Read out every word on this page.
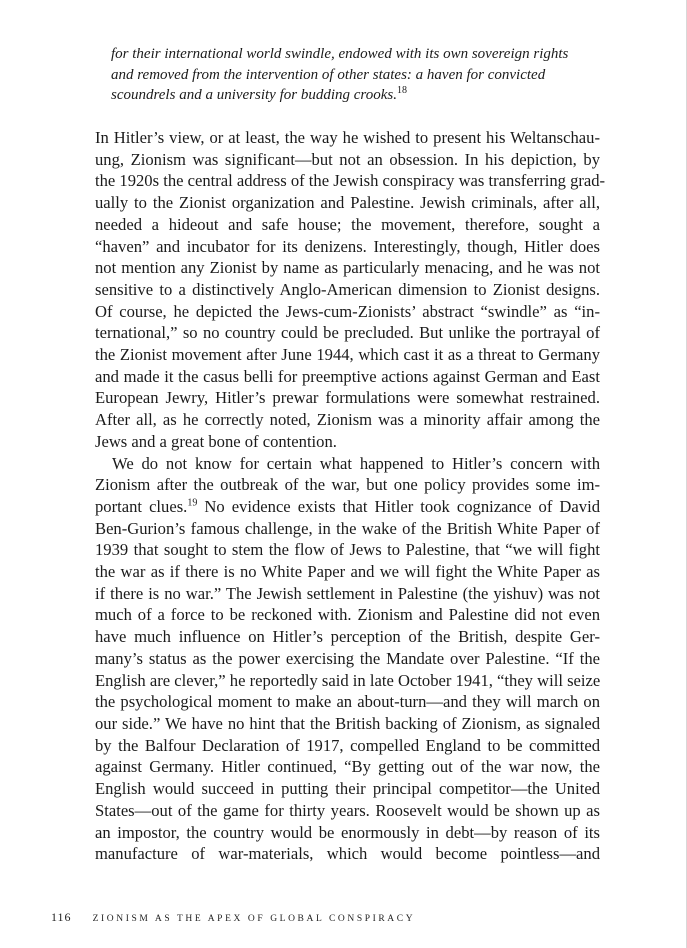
for their international world swindle, endowed with its own sovereign rights
and removed from the intervention of other states: a haven for convicted
scoundrels and a university for budding crooks.$^{18}$
In Hitler’s view, or at least, the way he wished to present his Weltanschau-
ung, Zionism was significant—but not an obsession. In his depiction, by
the 1920s the central address of the Jewish conspiracy was transferring grad-
ually to the Zionist organization and Palestine. Jewish criminals, after all,
needed a hideout and safe house; the movement, therefore, sought a
“haven” and incubator for its denizens. Interestingly, though, Hitler does
not mention any Zionist by name as particularly menacing, and he was not
sensitive to a distinctively Anglo-American dimension to Zionist designs.
Of course, he depicted the Jews-cum-Zionists’ abstract “swindle” as “in-
ternational,” so no country could be precluded. But unlike the portrayal of
the Zionist movement after June 1944, which cast it as a threat to Germany
and made it the casus belli for preemptive actions against German and East
European Jewry, Hitler’s prewar formulations were somewhat restrained.
After all, as he correctly noted, Zionism was a minority affair among the
Jews and a great bone of contention.
We do not know for certain what happened to Hitler’s concern with
Zionism after the outbreak of the war, but one policy provides some im-
portant clues.$^{19}$ No evidence exists that Hitler took cognizance of David
Ben-Gurion’s famous challenge, in the wake of the British White Paper of
1939 that sought to stem the flow of Jews to Palestine, that “we will fight
the war as if there is no White Paper and we will fight the White Paper as
if there is no war.” The Jewish settlement in Palestine (the yishuv) was not
much of a force to be reckoned with. Zionism and Palestine did not even
have much influence on Hitler’s perception of the British, despite Ger-
many’s status as the power exercising the Mandate over Palestine. “If the
English are clever,” he reportedly said in late October 1941, “they will seize
the psychological moment to make an about-turn—and they will march on
our side.” We have no hint that the British backing of Zionism, as signaled
by the Balfour Declaration of 1917, compelled England to be committed
against Germany. Hitler continued, “By getting out of the war now, the
English would succeed in putting their principal competitor—the United
States—out of the game for thirty years. Roosevelt would be shown up as
an impostor, the country would be enormously in debt—by reason of its
manufacture of war-materials, which would become pointless—and
116 ZIONISM AS THE APEX OF GLOBAL CONSPIRACY
